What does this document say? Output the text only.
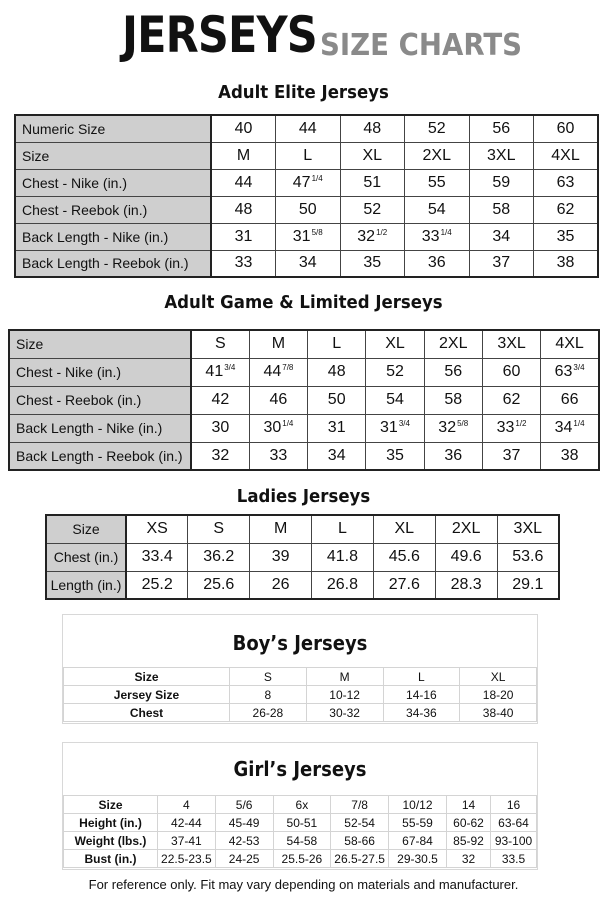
JERSEYS SIZE CHARTS
Adult Elite Jerseys
Numeric Size	40	44	48	52	56	60
Size	M	L	XL	2XL	3XL	4XL
Chest - Nike (in.)	44	$47^{1/4}$	51	55	59	63
Chest - Reebok (in.)	48	50	52	54	58	62
Back Length - Nike (in.)	31	$31^{5/8}$	$32^{1/2}$	$33^{1/4}$	34	35
Back Length - Reebok (in.)	33	34	35	36	37	38
Adult Game & Limited Jerseys
Size	S	M	L	XL	2XL	3XL	4XL
Chest - Nike (in.)	$41^{3/4}$	$44^{7/8}$	48	52	56	60	$63^{3/4}$
Chest - Reebok (in.)	42	46	50	54	58	62	66
Back Length - Nike (in.)	30	$30^{1/4}$	31	$31^{3/4}$	$32^{5/8}$	$33^{1/2}$	$34^{1/4}$
Back Length - Reebok (in.)	32	33	34	35	36	37	38
Ladies Jerseys
Size	XS	S	M	L	XL	2XL	3XL
Chest (in.)	33.4	36.2	39	41.8	45.6	49.6	53.6
Length (in.)	25.2	25.6	26	26.8	27.6	28.3	29.1
Boy’s Jerseys
Size	S	M	L	XL
Jersey Size	8	10-12	14-16	18-20
Chest	26-28	30-32	34-36	38-40
Girl’s Jerseys
Size	4	5/6	6x	7/8	10/12	14	16
Height (in.)	42-44	45-49	50-51	52-54	55-59	60-62	63-64
Weight (lbs.)	37-41	42-53	54-58	58-66	67-84	85-92	93-100
Bust (in.)	22.5-23.5	24-25	25.5-26	26.5-27.5	29-30.5	32	33.5
For reference only. Fit may vary depending on materials and manufacturer.
